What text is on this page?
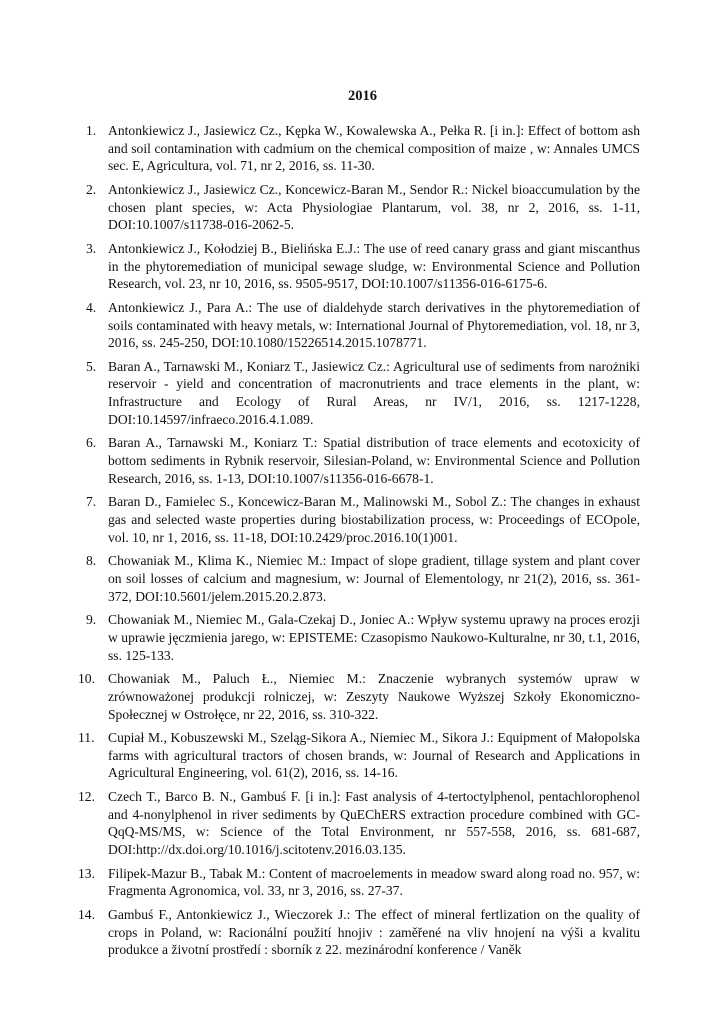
2016
1. Antonkiewicz J., Jasiewicz Cz., Kępka W., Kowalewska A., Pełka R. [i in.]: Effect of bottom ash and soil contamination with cadmium on the chemical composition of maize , w: Annales UMCS sec. E, Agricultura, vol. 71, nr 2, 2016, ss. 11-30.
2. Antonkiewicz J., Jasiewicz Cz., Koncewicz-Baran M., Sendor R.: Nickel bioaccumulation by the chosen plant species, w: Acta Physiologiae Plantarum, vol. 38, nr 2, 2016, ss. 1-11, DOI:10.1007/s11738-016-2062-5.
3. Antonkiewicz J., Kołodziej B., Bielińska E.J.: The use of reed canary grass and giant miscanthus in the phytoremediation of municipal sewage sludge, w: Environmental Science and Pollution Research, vol. 23, nr 10, 2016, ss. 9505-9517, DOI:10.1007/s11356-016-6175-6.
4. Antonkiewicz J., Para A.: The use of dialdehyde starch derivatives in the phytoremediation of soils contaminated with heavy metals, w: International Journal of Phytoremediation, vol. 18, nr 3, 2016, ss. 245-250, DOI:10.1080/15226514.2015.1078771.
5. Baran A., Tarnawski M., Koniarz T., Jasiewicz Cz.: Agricultural use of sediments from narożniki reservoir - yield and concentration of macronutrients and trace elements in the plant, w: Infrastructure and Ecology of Rural Areas, nr IV/1, 2016, ss. 1217-1228, DOI:10.14597/infraeco.2016.4.1.089.
6. Baran A., Tarnawski M., Koniarz T.: Spatial distribution of trace elements and ecotoxicity of bottom sediments in Rybnik reservoir, Silesian-Poland, w: Environmental Science and Pollution Research, 2016, ss. 1-13, DOI:10.1007/s11356-016-6678-1.
7. Baran D., Famielec S., Koncewicz-Baran M., Malinowski M., Sobol Z.: The changes in exhaust gas and selected waste properties during biostabilization process, w: Proceedings of ECOpole, vol. 10, nr 1, 2016, ss. 11-18, DOI:10.2429/proc.2016.10(1)001.
8. Chowaniak M., Klima K., Niemiec M.: Impact of slope gradient, tillage system and plant cover on soil losses of calcium and magnesium, w: Journal of Elementology, nr 21(2), 2016, ss. 361-372, DOI:10.5601/jelem.2015.20.2.873.
9. Chowaniak M., Niemiec M., Gala-Czekaj D., Joniec A.: Wpływ systemu uprawy na proces erozji w uprawie jęczmienia jarego, w: EPISTEME: Czasopismo Naukowo-Kulturalne, nr 30, t.1, 2016, ss. 125-133.
10. Chowaniak M., Paluch Ł., Niemiec M.: Znaczenie wybranych systemów upraw w zrównoważonej produkcji rolniczej, w: Zeszyty Naukowe Wyższej Szkoły Ekonomiczno-Społecznej w Ostrołęce, nr 22, 2016, ss. 310-322.
11. Cupiał M., Kobuszewski M., Szeląg-Sikora A., Niemiec M., Sikora J.: Equipment of Małopolska farms with agricultural tractors of chosen brands, w: Journal of Research and Applications in Agricultural Engineering, vol. 61(2), 2016, ss. 14-16.
12. Czech T., Barco B. N., Gambuś F. [i in.]: Fast analysis of 4-tertoctylphenol, pentachlorophenol and 4-nonylphenol in river sediments by QuEChERS extraction procedure combined with GC-QqQ-MS/MS, w: Science of the Total Environment, nr 557-558, 2016, ss. 681-687, DOI:http://dx.doi.org/10.1016/j.scitotenv.2016.03.135.
13. Filipek-Mazur B., Tabak M.: Content of macroelements in meadow sward along road no. 957, w: Fragmenta Agronomica, vol. 33, nr 3, 2016, ss. 27-37.
14. Gambuś F., Antonkiewicz J., Wieczorek J.: The effect of mineral fertlization on the quality of crops in Poland, w: Racionální použití hnojiv : zaměřené na vliv hnojení na výši a kvalitu produkce a životní prostředí : sborník z 22. mezinárodní konference / Vaněk
